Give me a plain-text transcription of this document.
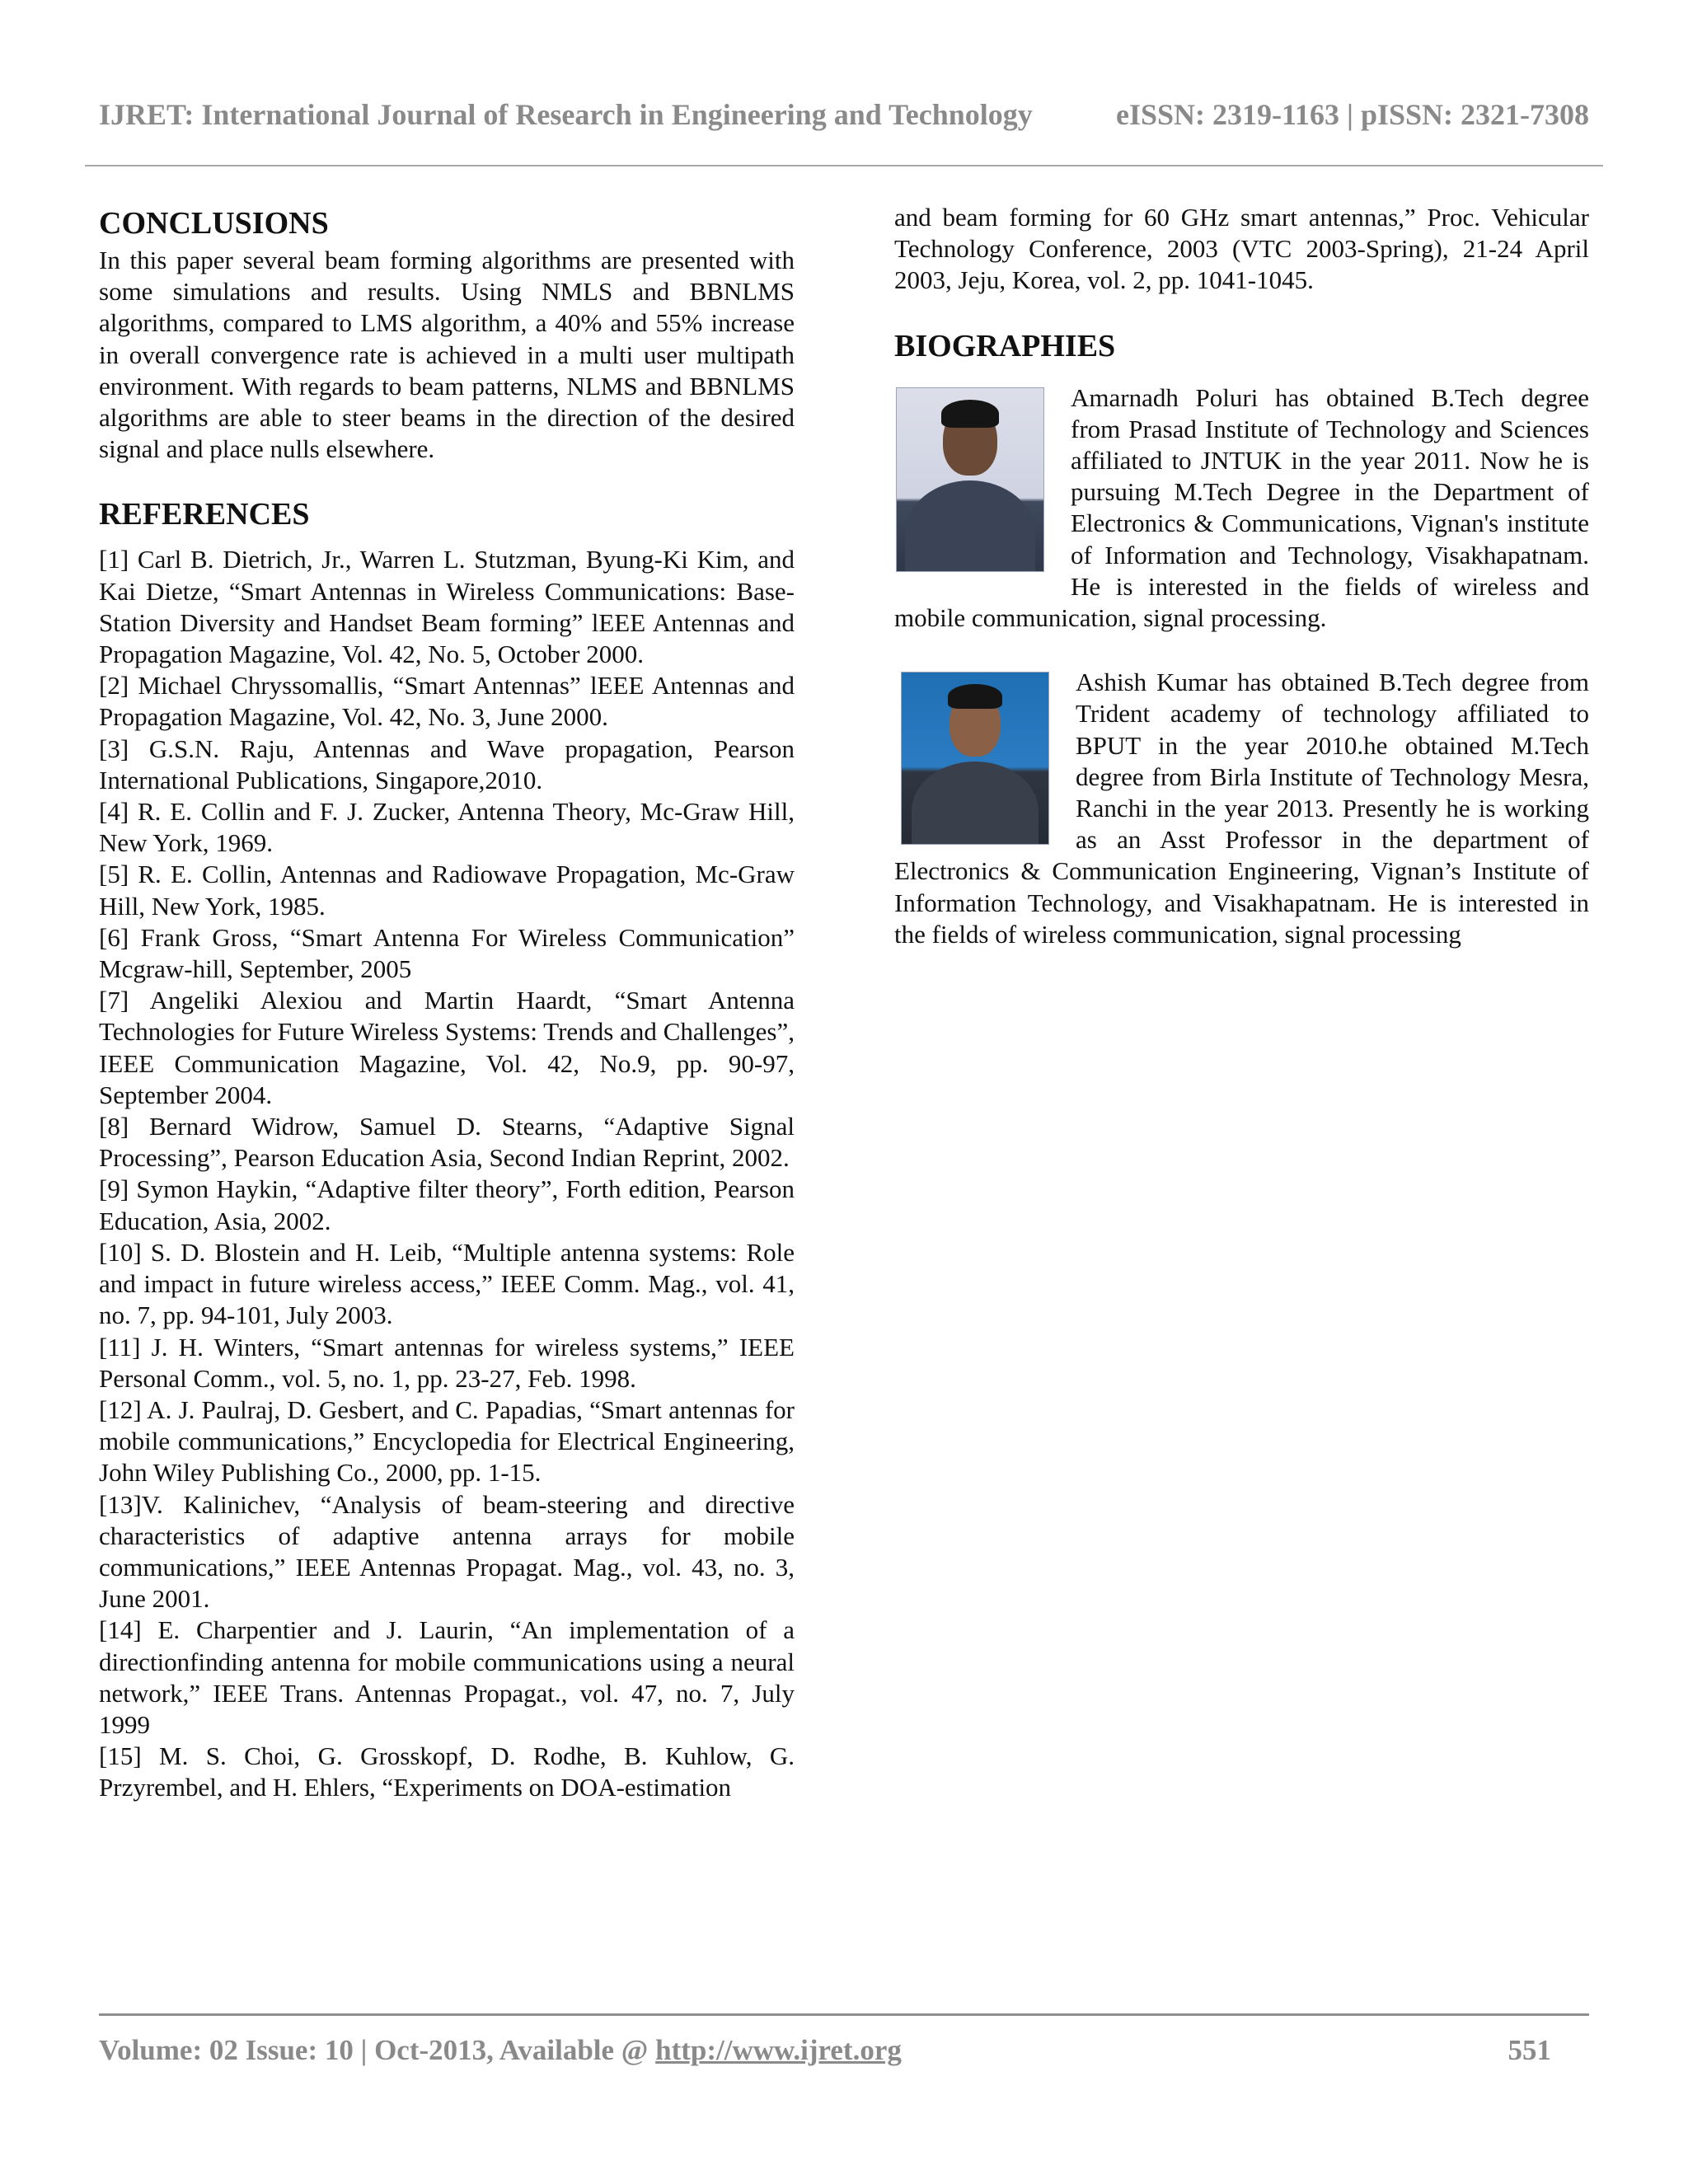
IJRET: International Journal of Research in Engineering and Technology	eISSN: 2319-1163 | pISSN: 2321-7308
CONCLUSIONS

In this paper several beam forming algorithms are presented with some simulations and results. Using NMLS and BBNLMS algorithms, compared to LMS algorithm, a 40% and 55% increase in overall convergence rate is achieved in a multi user multipath environment. With regards to beam patterns, NLMS and BBNLMS algorithms are able to steer beams in the direction of the desired signal and place nulls elsewhere.

REFERENCES

[1] Carl B. Dietrich, Jr., Warren L. Stutzman, Byung-Ki Kim, and Kai Dietze, “Smart Antennas in Wireless Communications: Base- Station Diversity and Handset Beam forming” lEEE Antennas and Propagation Magazine, Vol. 42, No. 5, October 2000.

[2] Michael Chryssomallis, “Smart Antennas” lEEE Antennas and Propagation Magazine, Vol. 42, No. 3, June 2000.

[3] G.S.N. Raju, Antennas and Wave propagation, Pearson International Publications, Singapore,2010.

[4] R. E. Collin and F. J. Zucker, Antenna Theory, Mc-Graw Hill, New York, 1969.

[5] R. E. Collin, Antennas and Radiowave Propagation, Mc-Graw Hill, New York, 1985.

[6] Frank Gross, “Smart Antenna For Wireless Communication” Mcgraw-hill, September, 2005

[7] Angeliki Alexiou and Martin Haardt, “Smart Antenna Technologies for Future Wireless Systems: Trends and Challenges”, IEEE Communication Magazine, Vol. 42, No.9, pp. 90-97, September 2004.

[8] Bernard Widrow, Samuel D. Stearns, “Adaptive Signal Processing”, Pearson Education Asia, Second Indian Reprint, 2002.

[9] Symon Haykin, “Adaptive filter theory”, Forth edition, Pearson Education, Asia, 2002.

[10] S. D. Blostein and H. Leib, “Multiple antenna systems: Role and impact in future wireless access,” IEEE Comm. Mag., vol. 41, no. 7, pp. 94-101, July 2003.

[11] J. H. Winters, “Smart antennas for wireless systems,” IEEE Personal Comm., vol. 5, no. 1, pp. 23-27, Feb. 1998.

[12] A. J. Paulraj, D. Gesbert, and C. Papadias, “Smart antennas for mobile communications,” Encyclopedia for Electrical Engineering, John Wiley Publishing Co., 2000, pp. 1-15.

[13]V. Kalinichev, “Analysis of beam-steering and directive characteristics of adaptive antenna arrays for mobile communications,” IEEE Antennas Propagat. Mag., vol. 43, no. 3, June 2001.

[14] E. Charpentier and J. Laurin, “An implementation of a directionfinding antenna for mobile communications using a neural network,” IEEE Trans. Antennas Propagat., vol. 47, no. 7, July 1999

[15] M. S. Choi, G. Grosskopf, D. Rodhe, B. Kuhlow, G. Przyrembel, and H. Ehlers, “Experiments on DOA-estimation

and beam forming for 60 GHz smart antennas,” Proc. Vehicular Technology Conference, 2003 (VTC 2003-Spring), 21-24 April 2003, Jeju, Korea, vol. 2, pp. 1041-1045.

BIOGRAPHIES

Amarnadh Poluri has obtained B.Tech degree from Prasad Institute of Technology and Sciences affiliated to JNTUK in the year 2011. Now he is pursuing M.Tech Degree in the Department of Electronics & Communications, Vignan's institute of Information and Technology, Visakhapatnam. He is interested in the fields of wireless and mobile communication, signal processing.

Ashish Kumar has obtained B.Tech degree from Trident academy of technology affiliated to BPUT in the year 2010.he obtained M.Tech degree from Birla Institute of Technology Mesra, Ranchi in the year 2013. Presently he is working as an Asst Professor in the department of Electronics & Communication Engineering, Vignan’s Institute of Information Technology, and Visakhapatnam. He is interested in the fields of wireless communication, signal processing

Volume: 02 Issue: 10 | Oct-2013, Available @ http://www.ijret.org	551
